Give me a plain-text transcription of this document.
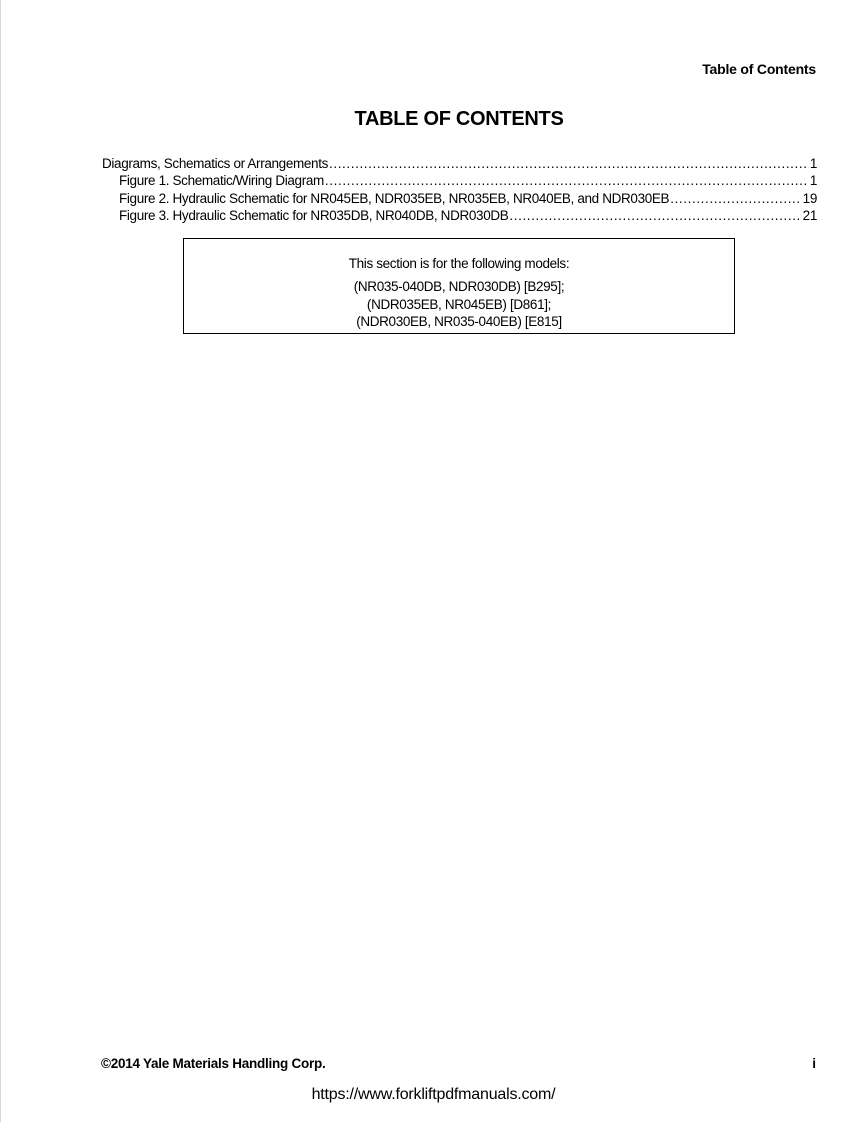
Table of Contents
TABLE OF CONTENTS
Diagrams, Schematics or Arrangements .....	1
Figure 1. Schematic/Wiring Diagram .....	1
Figure 2. Hydraulic Schematic for NR045EB, NDR035EB, NR035EB, NR040EB, and NDR030EB .....	19
Figure 3. Hydraulic Schematic for NR035DB, NR040DB, NDR030DB .....	21
This section is for the following models:
(NR035-040DB, NDR030DB) [B295];
(NDR035EB, NR045EB) [D861];
(NDR030EB, NR035-040EB) [E815]
©2014 Yale Materials Handling Corp.	i
https://www.forkliftpdfmanuals.com/
